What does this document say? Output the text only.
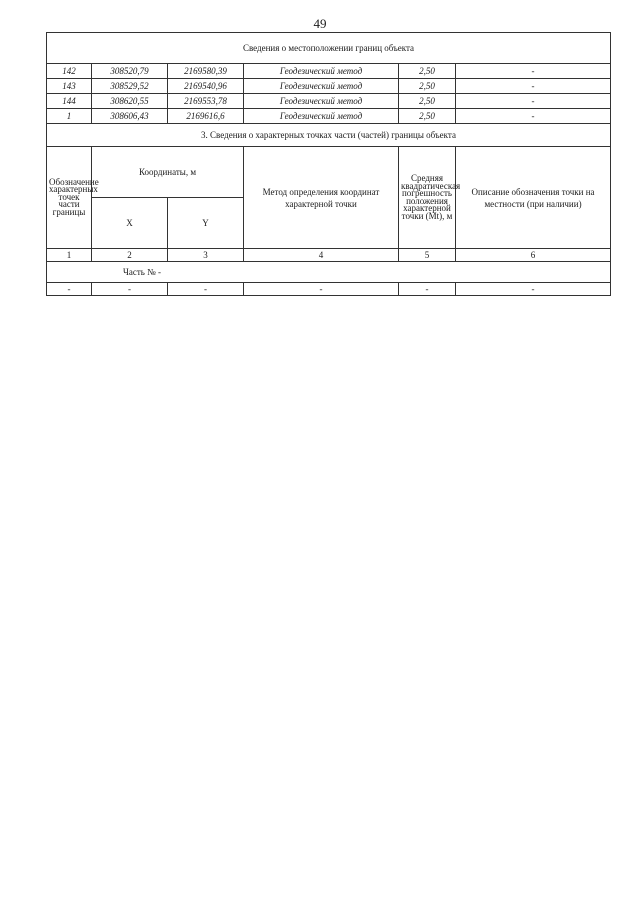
49
Сведения о местоположении границ объекта					
142	308520,79	2169580,39	Геодезический метод	2,50	-
143	308529,52	2169540,96	Геодезический метод	2,50	-
144	308620,55	2169553,78	Геодезический метод	2,50	-
1	308606,43	2169616,6	Геодезический метод	2,50	-
3. Сведения о характерных точках части (частей) границы объекта					
Обозначение характерных точек части границы	Координаты, м		Метод определения координат характерной точки	Средняя квадратическая погрешность положения характерной точки (Мt), м	Описание обозначения точки на местности (при наличии)
	X	Y			
1	2	3	4	5	6
Часть № -					
-	-	-	-	-	-
